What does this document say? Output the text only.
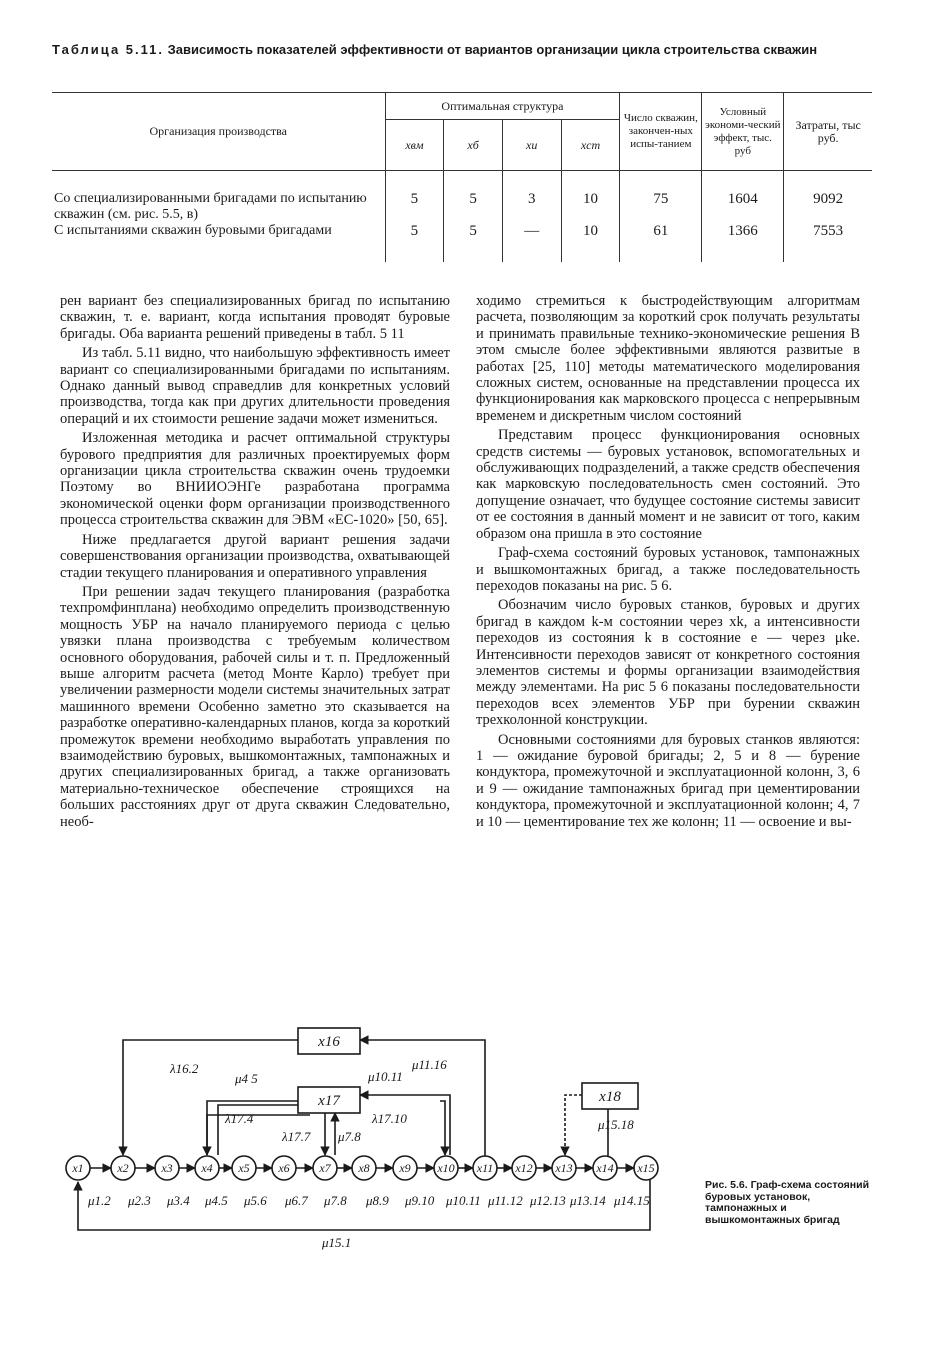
Таблица 5.11. Зависимость показателей эффективности от вариантов организации цикла строительства скважин
Организация производства	Оптимальная структура				Число скважин, закончен-ных испы-танием	Условный экономи-ческий эффект, тыс. руб	Затраты, тыс руб.
	xвм	xб	xи	xст			
Со специализированными бригадами по испытанию скважин (см. рис. 5.5, в)	5	5	3	10	75	1604	9092
С испытаниями скважин буровыми бригадами	5	5	—	10	61	1366	7553

рен вариант без специализированных бригад по испытанию скважин, т. е. вариант, когда испытания проводят буровые бригады. Оба варианта решений приведены в табл. 5 11

Из табл. 5.11 видно, что наибольшую эффективность имеет вариант со специализированными бригадами по испытаниям. Однако данный вывод справедлив для конкретных условий производства, тогда как при других длительности проведения операций и их стоимости решение задачи может измениться.

Изложенная методика и расчет оптимальной структуры бурового предприятия для различных проектируемых форм организации цикла строительства скважин очень трудоемки Поэтому во ВНИИОЭНГе разработана программа экономической оценки форм организации производственного процесса строительства скважин для ЭВМ «ЕС-1020» [50, 65].

Ниже предлагается другой вариант решения задачи совершенствования организации производства, охватывающей стадии текущего планирования и оперативного управления

При решении задач текущего планирования (разработка техпромфинплана) необходимо определить производственную мощность УБР на начало планируемого периода с целью увязки плана производства с требуемым количеством основного оборудования, рабочей силы и т. п. Предложенный выше алгоритм расчета (метод Монте Карло) требует при увеличении размерности модели системы значительных затрат машинного времени Особенно заметно это сказывается на разработке оперативно-календарных планов, когда за короткий промежуток времени необходимо выработать управления по взаимодействию буровых, вышкомонтажных, тампонажных и других специализированных бригад, а также организовать материально-техническое обеспечение строящихся на больших расстояниях друг от друга скважин Следовательно, необ-

ходимо стремиться к быстродействующим алгоритмам расчета, позволяющим за короткий срок получать результаты и принимать правильные технико-экономические решения В этом смысле более эффективными являются развитые в работах [25, 110] методы математического моделирования сложных систем, основанные на представлении процесса их функционирования как марковского процесса с непрерывным временем и дискретным числом состояний

Представим процесс функционирования основных средств системы — буровых установок, вспомогательных и обслуживающих подразделений, а также средств обеспечения как марковскую последовательность смен состояний. Это допущение означает, что будущее состояние системы зависит от ее состояния в данный момент и не зависит от того, каким образом она пришла в это состояние

Граф-схема состояний буровых установок, тампонажных и вышкомонтажных бригад, а также последовательность переходов показаны на рис. 5 6.

Обозначим число буровых станков, буровых и других бригад в каждом k-м состоянии через xk, а интенсивности переходов из состояния k в состояние e — через μke. Интенсивности переходов зависят от конкретного состояния элементов системы и формы организации взаимодействия между элементами. На рис 5 6 показаны последовательности переходов всех элементов УБР при бурении скважин трехколонной конструкции.

Основными состояниями для буровых станков являются: 1 — ожидание буровой бригады; 2, 5 и 8 — бурение кондуктора, промежуточной и эксплуатационной колонн, 3, 6 и 9 — ожидание тампонажных бригад при цементировании кондуктора, промежуточной и эксплуатационной колонн; 4, 7 и 10 — цементирование тех же колонн; 11 — освоение и вы-

x16
x17	x18
x1	x2	x3 x4 x5 x6 x7 x8 x9 x10 x11 x12 x13 x14 x15
μ1.2 μ2.3 μ3.4 μ4.5 μ5.6 μ6.7 μ7.8 μ8.9 μ9.10 μ10.11 μ11.12 μ12.13 μ13.14 μ14.15
λ16.2	μ11.16
μ4 5	μ10.11
λ17.4	λ17.10
λ17.7 μ7.8
μ15.18
μ15.1
Рис. 5.6. Граф-схема состояний буровых установок, тампонажных и вышкомонтажных бригад
